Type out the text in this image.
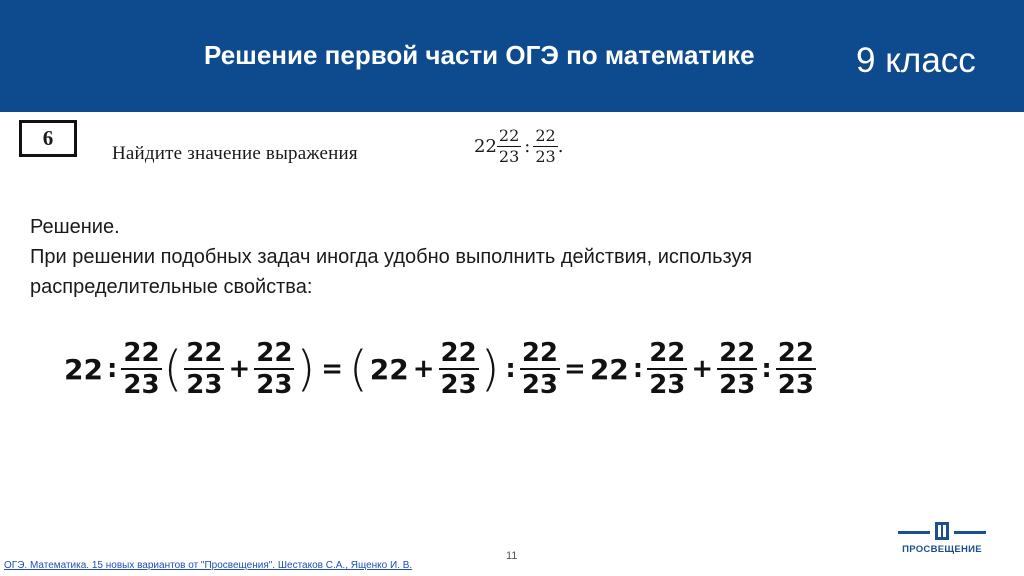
Решение первой части ОГЭ по математике	9 класс
6
Найдите значение выражения	$22 \frac{22}{23}$ : $\frac{22}{23}$ .

Решение.

При решении подобных задач иногда удобно выполнить действия, используя

распределительные свойства:

22 : $\frac{22}{23}$ ( $\frac{22}{23} + \frac{22}{23}$ ) = ( $22 + \frac{22}{23}$ ) : $\frac{22}{23} = 22$ : $\frac{22}{23} + \frac{22}{23}$ : $\frac{22}{23}$
11
ОГЭ. Математика. 15 новых вариантов от "Просвещения". Шестаков С.А., Ященко И. В.
ПРОСВЕЩЕНИЕ
